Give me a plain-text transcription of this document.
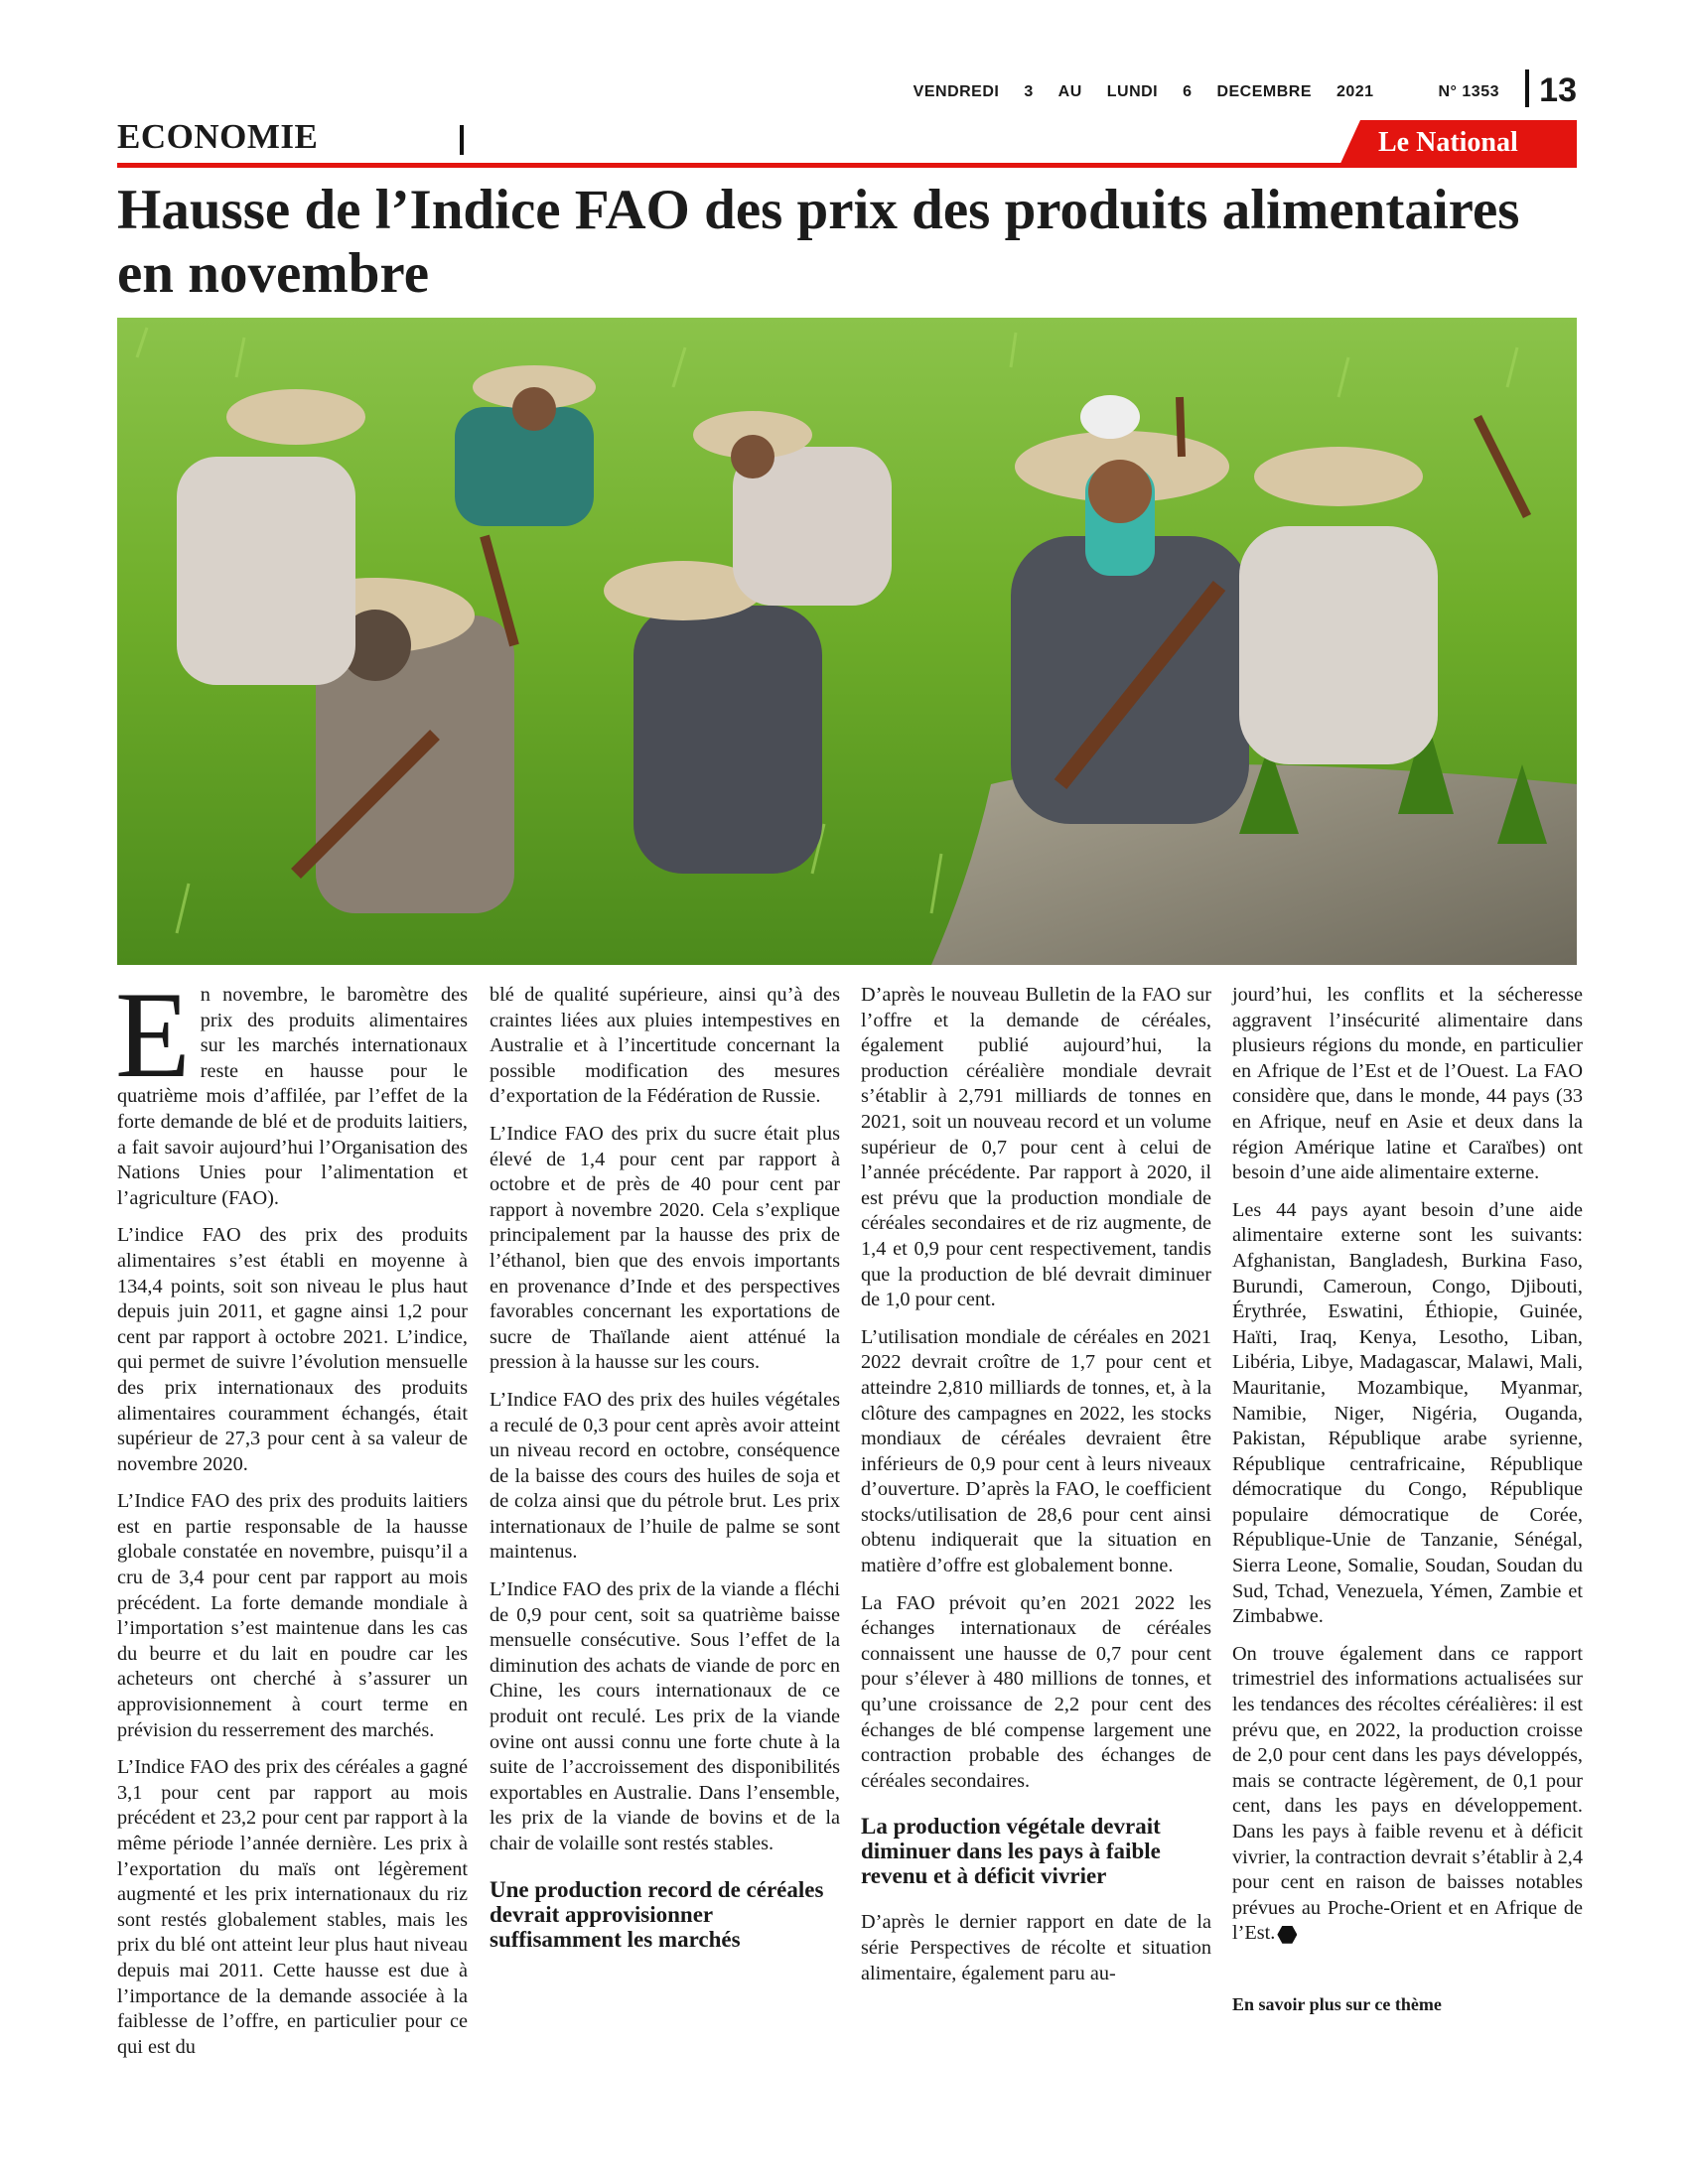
VENDREDI 3 AU LUNDI 6 DECEMBRE 2021	N° 1353 13
ECONOMIE	Le National
Hausse de l’Indice FAO des prix des produits alimentaires en novembre

En novembre, le baromètre des prix des produits alimentaires sur les marchés internationaux reste en hausse pour le quatrième mois d’affilée, par l’effet de la forte demande de blé et de produits laitiers, a fait savoir aujourd’hui l’Organisation des Nations Unies pour l’alimentation et l’agriculture (FAO).

L’indice FAO des prix des produits alimentaires s’est établi en moyenne à 134,4 points, soit son niveau le plus haut depuis juin 2011, et gagne ainsi 1,2 pour cent par rapport à octobre 2021. L’indice, qui permet de suivre l’évolution mensuelle des prix internationaux des produits alimentaires couramment échangés, était supérieur de 27,3 pour cent à sa valeur de novembre 2020.

L’Indice FAO des prix des produits laitiers est en partie responsable de la hausse globale constatée en novembre, puisqu’il a cru de 3,4 pour cent par rapport au mois précédent. La forte demande mondiale à l’importation s’est maintenue dans les cas du beurre et du lait en poudre car les acheteurs ont cherché à s’assurer un approvisionnement à court terme en prévision du resserrement des marchés.

L’Indice FAO des prix des céréales a gagné 3,1 pour cent par rapport au mois précédent et 23,2 pour cent par rapport à la même période l’année dernière. Les prix à l’exportation du maïs ont légèrement augmenté et les prix internationaux du riz sont restés globalement stables, mais les prix du blé ont atteint leur plus haut niveau depuis mai 2011. Cette hausse est due à l’importance de la demande associée à la faiblesse de l’offre, en particulier pour ce qui est du

blé de qualité supérieure, ainsi qu’à des craintes liées aux pluies intempestives en Australie et à l’incertitude concernant la possible modification des mesures d’exportation de la Fédération de Russie.

L’Indice FAO des prix du sucre était plus élevé de 1,4 pour cent par rapport à octobre et de près de 40 pour cent par rapport à novembre 2020. Cela s’explique principalement par la hausse des prix de l’éthanol, bien que des envois importants en provenance d’Inde et des perspectives favorables concernant les exportations de sucre de Thaïlande aient atténué la pression à la hausse sur les cours.

L’Indice FAO des prix des huiles végétales a reculé de 0,3 pour cent après avoir atteint un niveau record en octobre, conséquence de la baisse des cours des huiles de soja et de colza ainsi que du pétrole brut. Les prix internationaux de l’huile de palme se sont maintenus.

L’Indice FAO des prix de la viande a fléchi de 0,9 pour cent, soit sa quatrième baisse mensuelle consécutive. Sous l’effet de la diminution des achats de viande de porc en Chine, les cours internationaux de ce produit ont reculé. Les prix de la viande ovine ont aussi connu une forte chute à la suite de l’accroissement des disponibilités exportables en Australie. Dans l’ensemble, les prix de la viande de bovins et de la chair de volaille sont restés stables.

Une production record de céréales devrait approvisionner suffisamment les marchés

D’après le nouveau Bulletin de la FAO sur l’offre et la demande de céréales, également publié aujourd’hui, la production céréalière mondiale devrait s’établir à 2,791 milliards de tonnes en 2021, soit un nouveau record et un volume supérieur de 0,7 pour cent à celui de l’année précédente. Par rapport à 2020, il est prévu que la production mondiale de céréales secondaires et de riz augmente, de 1,4 et 0,9 pour cent respectivement, tandis que la production de blé devrait diminuer de 1,0 pour cent.

L’utilisation mondiale de céréales en 2021 2022 devrait croître de 1,7 pour cent et atteindre 2,810 milliards de tonnes, et, à la clôture des campagnes en 2022, les stocks mondiaux de céréales devraient être inférieurs de 0,9 pour cent à leurs niveaux d’ouverture. D’après la FAO, le coefficient stocks/utilisation de 28,6 pour cent ainsi obtenu indiquerait que la situation en matière d’offre est globalement bonne.

La FAO prévoit qu’en 2021 2022 les échanges internationaux de céréales connaissent une hausse de 0,7 pour cent pour s’élever à 480 millions de tonnes, et qu’une croissance de 2,2 pour cent des échanges de blé compense largement une contraction probable des échanges de céréales secondaires.

La production végétale devrait diminuer dans les pays à faible revenu et à déficit vivrier

D’après le dernier rapport en date de la série Perspectives de récolte et situation alimentaire, également paru au-

jourd’hui, les conflits et la sécheresse aggravent l’insécurité alimentaire dans plusieurs régions du monde, en particulier en Afrique de l’Est et de l’Ouest. La FAO considère que, dans le monde, 44 pays (33 en Afrique, neuf en Asie et deux dans la région Amérique latine et Caraïbes) ont besoin d’une aide alimentaire externe.

Les 44 pays ayant besoin d’une aide alimentaire externe sont les suivants: Afghanistan, Bangladesh, Burkina Faso, Burundi, Cameroun, Congo, Djibouti, Érythrée, Eswatini, Éthiopie, Guinée, Haïti, Iraq, Kenya, Lesotho, Liban, Libéria, Libye, Madagascar, Malawi, Mali, Mauritanie, Mozambique, Myanmar, Namibie, Niger, Nigéria, Ouganda, Pakistan, République arabe syrienne, République centrafricaine, République démocratique du Congo, République populaire démocratique de Corée, République-Unie de Tanzanie, Sénégal, Sierra Leone, Somalie, Soudan, Soudan du Sud, Tchad, Venezuela, Yémen, Zambie et Zimbabwe.

On trouve également dans ce rapport trimestriel des informations actualisées sur les tendances des récoltes céréalières: il est prévu que, en 2022, la production croisse de 2,0 pour cent dans les pays développés, mais se contracte légèrement, de 0,1 pour cent, dans les pays en développement. Dans les pays à faible revenu et à déficit vivrier, la contraction devrait s’établir à 2,4 pour cent en raison de baisses notables prévues au Proche-Orient et en Afrique de l’Est.

En savoir plus sur ce thème
